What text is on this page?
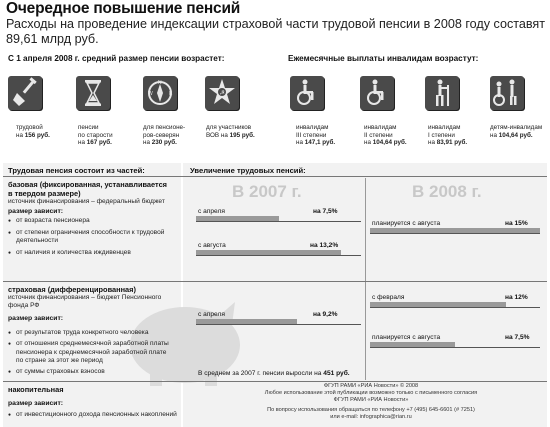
Очередное повышение пенсий
Расходы на проведение индексации страховой части трудовой пенсии в 2008 году составят 89,61 млрд руб.
С 1 апреля 2008 г. средний размер пенсии возрастет:	Ежемесячные выплаты инвалидам возрастут:
N
E
W	☭
трудовой
на 156 руб.
пенсии
по старости
на 167 руб.
для пенсионе-
ров-северян
на 230 руб.
для участников
ВОВ на 195 руб.
инвалидам
III степени
на 147,1 руб.
инвалидам
II степени
на 104,64 руб.
инвалидам
I степени
на 83,91 руб.
детям-инвалидам
на 104,64 руб.
Трудовая пенсия состоит из частей:	Увеличение трудовых пенсий:
базовая (фиксированная, устанавливается
в твердом размере)
источник финансирования – федеральный бюджет
размер зависит:
● от возраста пенсионера
● от степени ограничения способности к трудовой
деятельности
● от наличия и количества иждивенцев
В 2007 г.	В 2008 г.
с апреля	на 7,5%
с августа	на 13,2%
планируется с августа	на 15%
страховая (дифференцированная)
источник финансирования – бюджет Пенсионного фонда РФ
размер зависит:
● от результатов труда конкретного человека
● от отношения среднемесячной заработной платы
пенсионера к среднемесячной заработной плате
по стране за этот же период
● от суммы страховых взносов
с апреля	на 9,2%
с февраля	на 12%
планируется с августа	на 7,5%
В среднем за 2007 г. пенсии выросли на 451 руб.
накопительная
размер зависит:
● от инвестиционного дохода пенсионных накоплений
ФГУП РАМИ «РИА Новости» © 2008
Любое использование этой публикации возможно только с письменного согласия
ФГУП РАМИ «РИА Новости»
По вопросу использования обращаться по телефону +7 (495) 645-6601 (# 7251)
или e-mail: infographica@rian.ru
